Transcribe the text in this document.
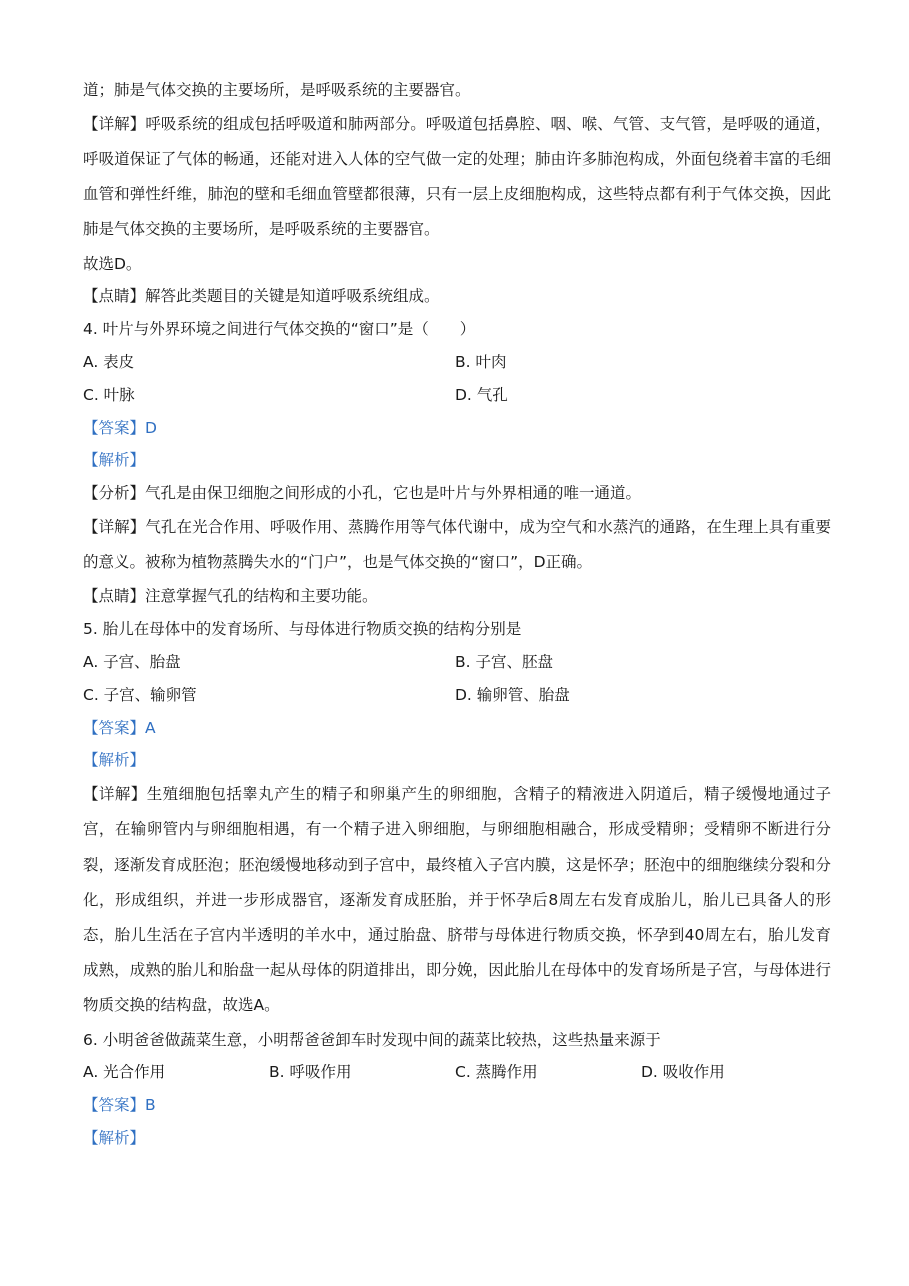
道；肺是气体交换的主要场所，是呼吸系统的主要器官。
【详解】呼吸系统的组成包括呼吸道和肺两部分。呼吸道包括鼻腔、咽、喉、气管、支气管，是呼吸的通道，呼吸道保证了气体的畅通，还能对进入人体的空气做一定的处理；肺由许多肺泡构成，外面包绕着丰富的毛细血管和弹性纤维，肺泡的壁和毛细血管壁都很薄，只有一层上皮细胞构成，这些特点都有利于气体交换，因此肺是气体交换的主要场所，是呼吸系统的主要器官。
故选D。
【点睛】解答此类题目的关键是知道呼吸系统组成。
4. 叶片与外界环境之间进行气体交换的“窗口”是（　　）
A. 表皮	B. 叶肉
C. 叶脉	D. 气孔
【答案】D
【解析】
【分析】气孔是由保卫细胞之间形成的小孔，它也是叶片与外界相通的唯一通道。
【详解】气孔在光合作用、呼吸作用、蒸腾作用等气体代谢中，成为空气和水蒸汽的通路，在生理上具有重要的意义。被称为植物蒸腾失水的“门户”，也是气体交换的“窗口”，D正确。
【点睛】注意掌握气孔的结构和主要功能。
5. 胎儿在母体中的发育场所、与母体进行物质交换的结构分别是
A. 子宫、胎盘	B. 子宫、胚盘
C. 子宫、输卵管	D. 输卵管、胎盘
【答案】A
【解析】
【详解】生殖细胞包括睾丸产生的精子和卵巢产生的卵细胞，含精子的精液进入阴道后，精子缓慢地通过子宫，在输卵管内与卵细胞相遇，有一个精子进入卵细胞，与卵细胞相融合，形成受精卵；受精卵不断进行分裂，逐渐发育成胚泡；胚泡缓慢地移动到子宫中，最终植入子宫内膜，这是怀孕；胚泡中的细胞继续分裂和分化，形成组织，并进一步形成器官，逐渐发育成胚胎，并于怀孕后8周左右发育成胎儿，胎儿已具备人的形态，胎儿生活在子宫内半透明的羊水中，通过胎盘、脐带与母体进行物质交换，怀孕到40周左右，胎儿发育成熟，成熟的胎儿和胎盘一起从母体的阴道排出，即分娩，因此胎儿在母体中的发育场所是子宫，与母体进行物质交换的结构盘，故选A。
6. 小明爸爸做蔬菜生意，小明帮爸爸卸车时发现中间的蔬菜比较热，这些热量来源于
A. 光合作用	B. 呼吸作用	C. 蒸腾作用	D. 吸收作用
【答案】B
【解析】
